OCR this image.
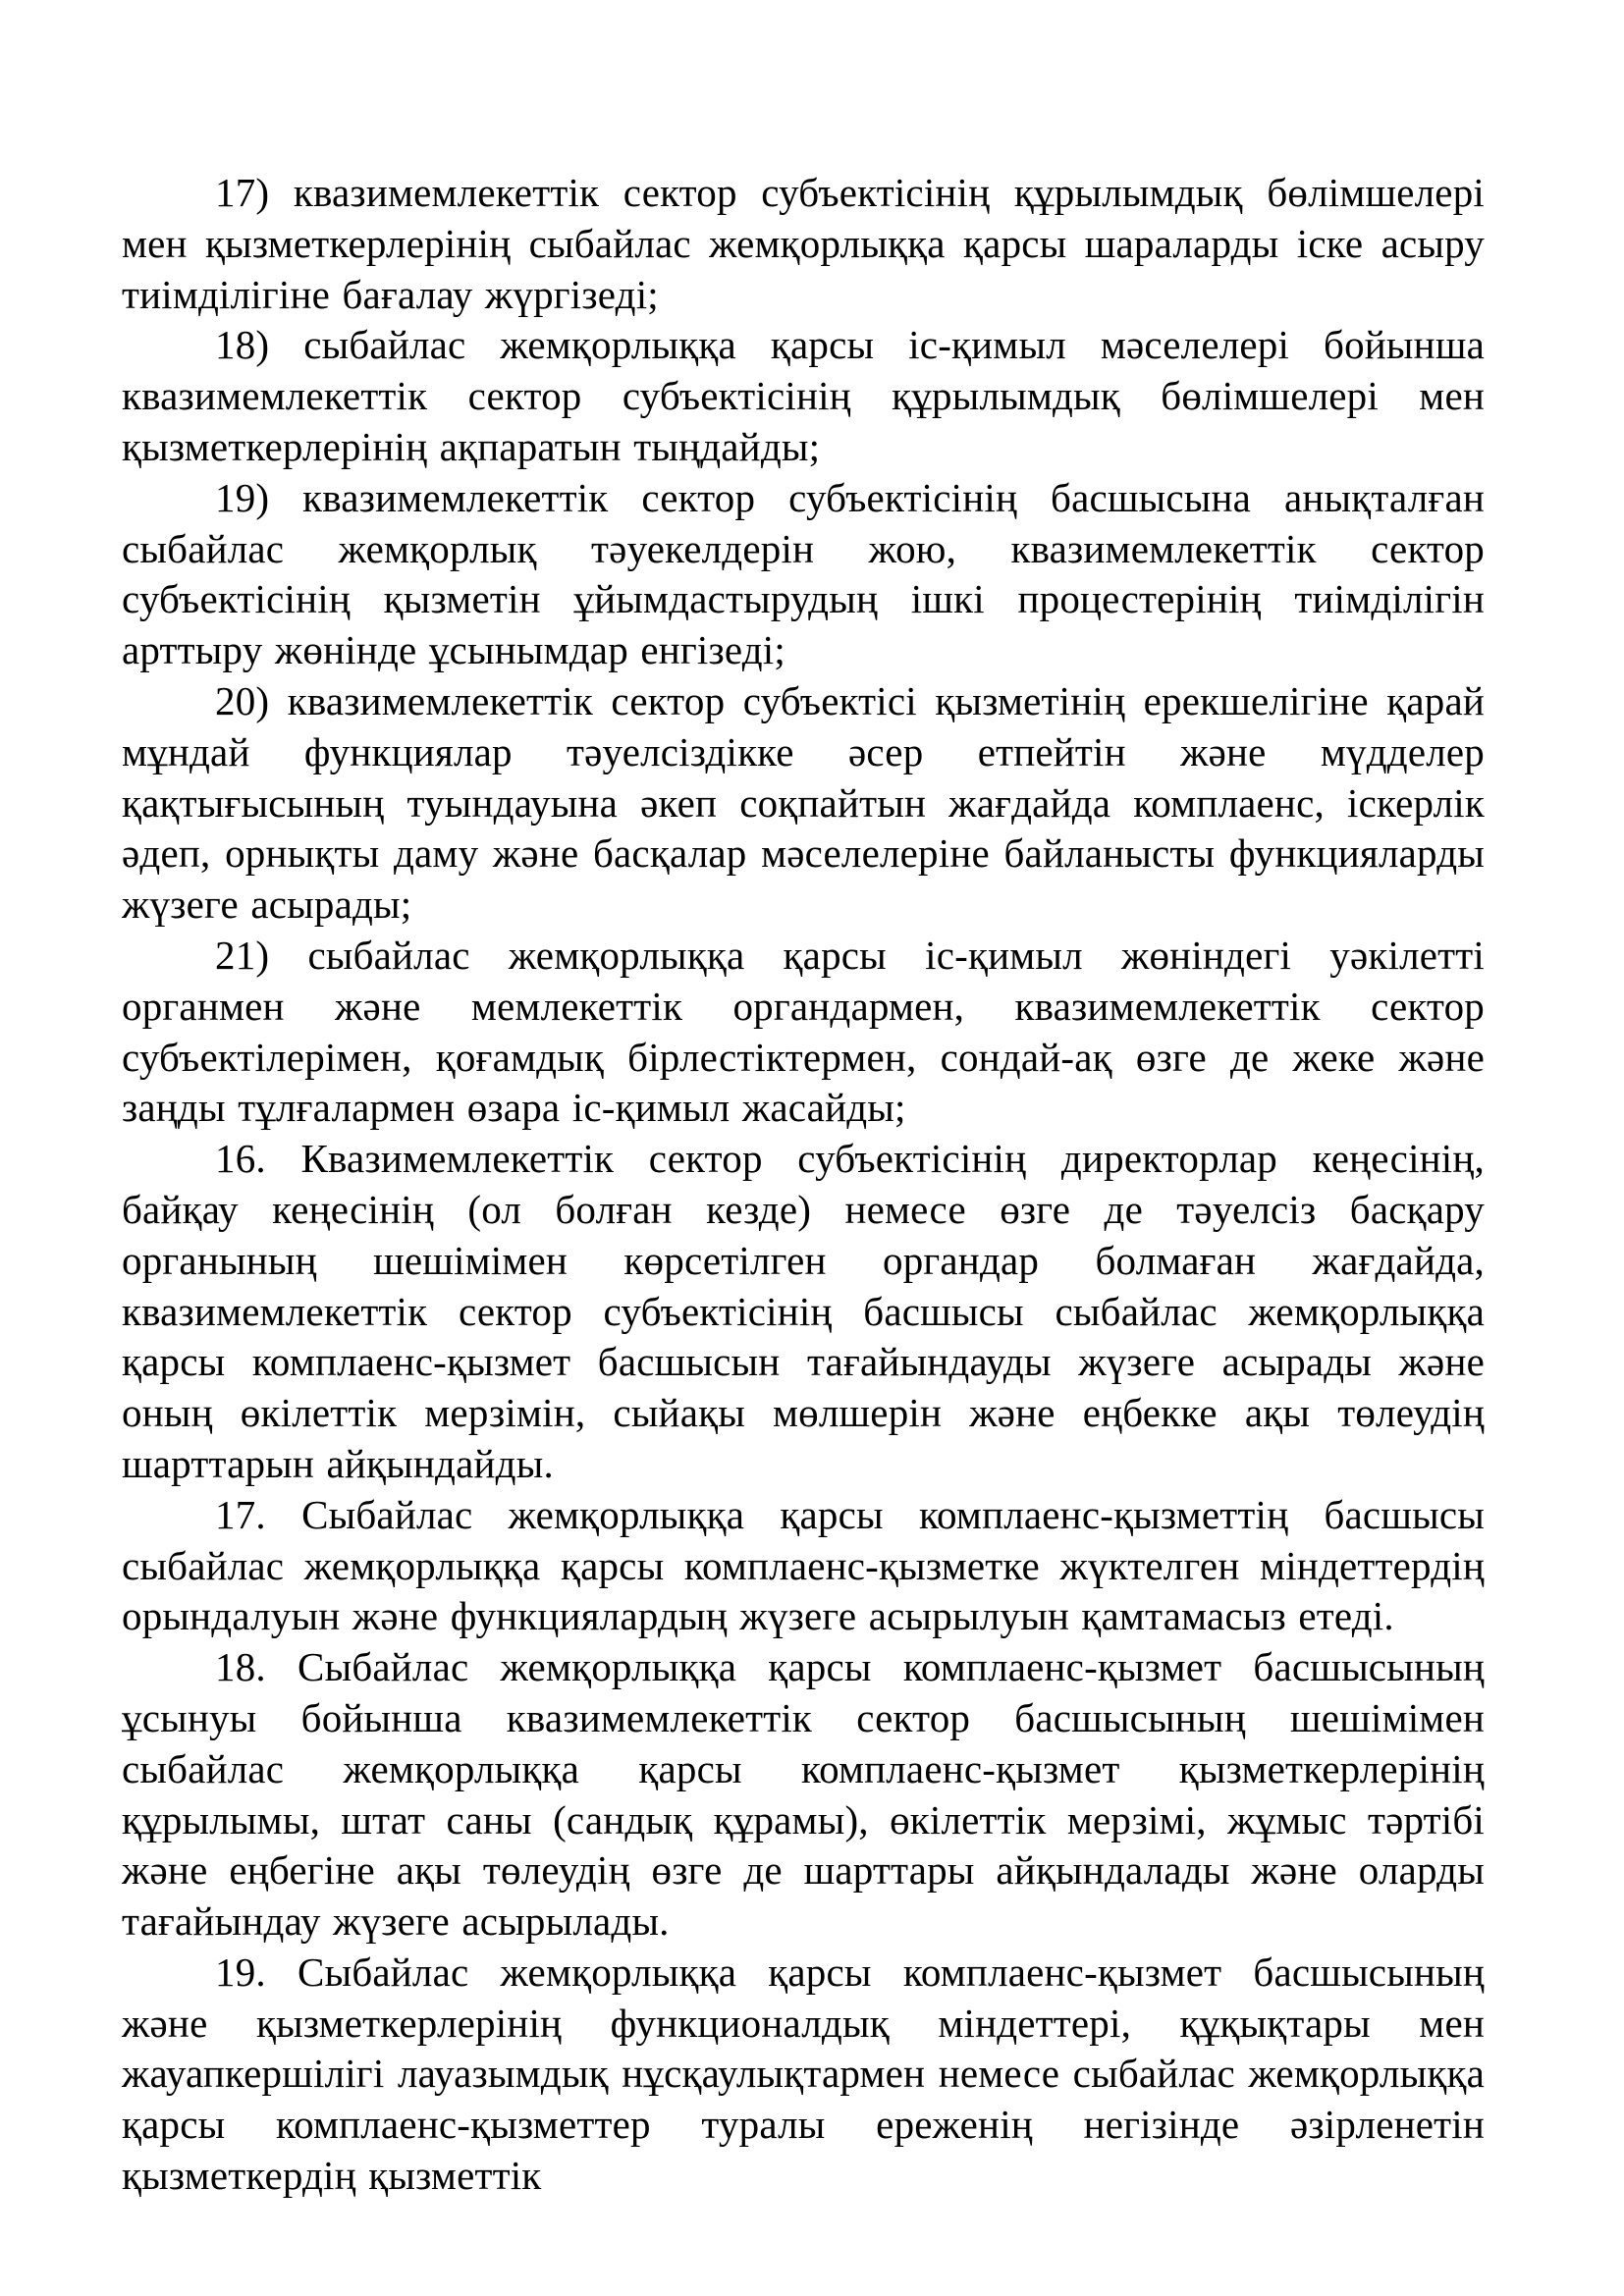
17) квазимемлекеттік сектор субъектісінің құрылымдық бөлімшелері мен қызметкерлерінің сыбайлас жемқорлыққа қарсы шараларды іске асыру тиімділігіне бағалау жүргізеді;

18) сыбайлас жемқорлыққа қарсы іс-қимыл мәселелері бойынша квазимемлекеттік сектор субъектісінің құрылымдық бөлімшелері мен қызметкерлерінің ақпаратын тыңдайды;

19) квазимемлекеттік сектор субъектісінің басшысына анықталған сыбайлас жемқорлық тәуекелдерін жою, квазимемлекеттік сектор субъектісінің қызметін ұйымдастырудың ішкі процестерінің тиімділігін арттыру жөнінде ұсынымдар енгізеді;

20) квазимемлекеттік сектор субъектісі қызметінің ерекшелігіне қарай мұндай функциялар тәуелсіздікке әсер етпейтін және мүдделер қақтығысының туындауына әкеп соқпайтын жағдайда комплаенс, іскерлік әдеп, орнықты даму және басқалар мәселелеріне байланысты функцияларды жүзеге асырады;

21) сыбайлас жемқорлыққа қарсы іс-қимыл жөніндегі уәкілетті органмен және мемлекеттік органдармен, квазимемлекеттік сектор субъектілерімен, қоғамдық бірлестіктермен, сондай-ақ өзге де жеке және заңды тұлғалармен өзара іс-қимыл жасайды;

16. Квазимемлекеттік сектор субъектісінің директорлар кеңесінің, байқау кеңесінің (ол болған кезде) немесе өзге де тәуелсіз басқару органының шешімімен көрсетілген органдар болмаған жағдайда, квазимемлекеттік сектор субъектісінің басшысы сыбайлас жемқорлыққа қарсы комплаенс-қызмет басшысын тағайындауды жүзеге асырады және оның өкілеттік мерзімін, сыйақы мөлшерін және еңбекке ақы төлеудің шарттарын айқындайды.

17. Сыбайлас жемқорлыққа қарсы комплаенс-қызметтің басшысы сыбайлас жемқорлыққа қарсы комплаенс-қызметке жүктелген міндеттердің орындалуын және функциялардың жүзеге асырылуын қамтамасыз етеді.

18. Сыбайлас жемқорлыққа қарсы комплаенс-қызмет басшысының ұсынуы бойынша квазимемлекеттік сектор басшысының шешімімен сыбайлас жемқорлыққа қарсы комплаенс-қызмет қызметкерлерінің құрылымы, штат саны (сандық құрамы), өкілеттік мерзімі, жұмыс тәртібі және еңбегіне ақы төлеудің өзге де шарттары айқындалады және оларды тағайындау жүзеге асырылады.

19. Сыбайлас жемқорлыққа қарсы комплаенс-қызмет басшысының және қызметкерлерінің функционалдық міндеттері, құқықтары мен жауапкершілігі лауазымдық нұсқаулықтармен немесе сыбайлас жемқорлыққа қарсы комплаенс-қызметтер туралы ереженің негізінде әзірленетін қызметкердің қызметтік
